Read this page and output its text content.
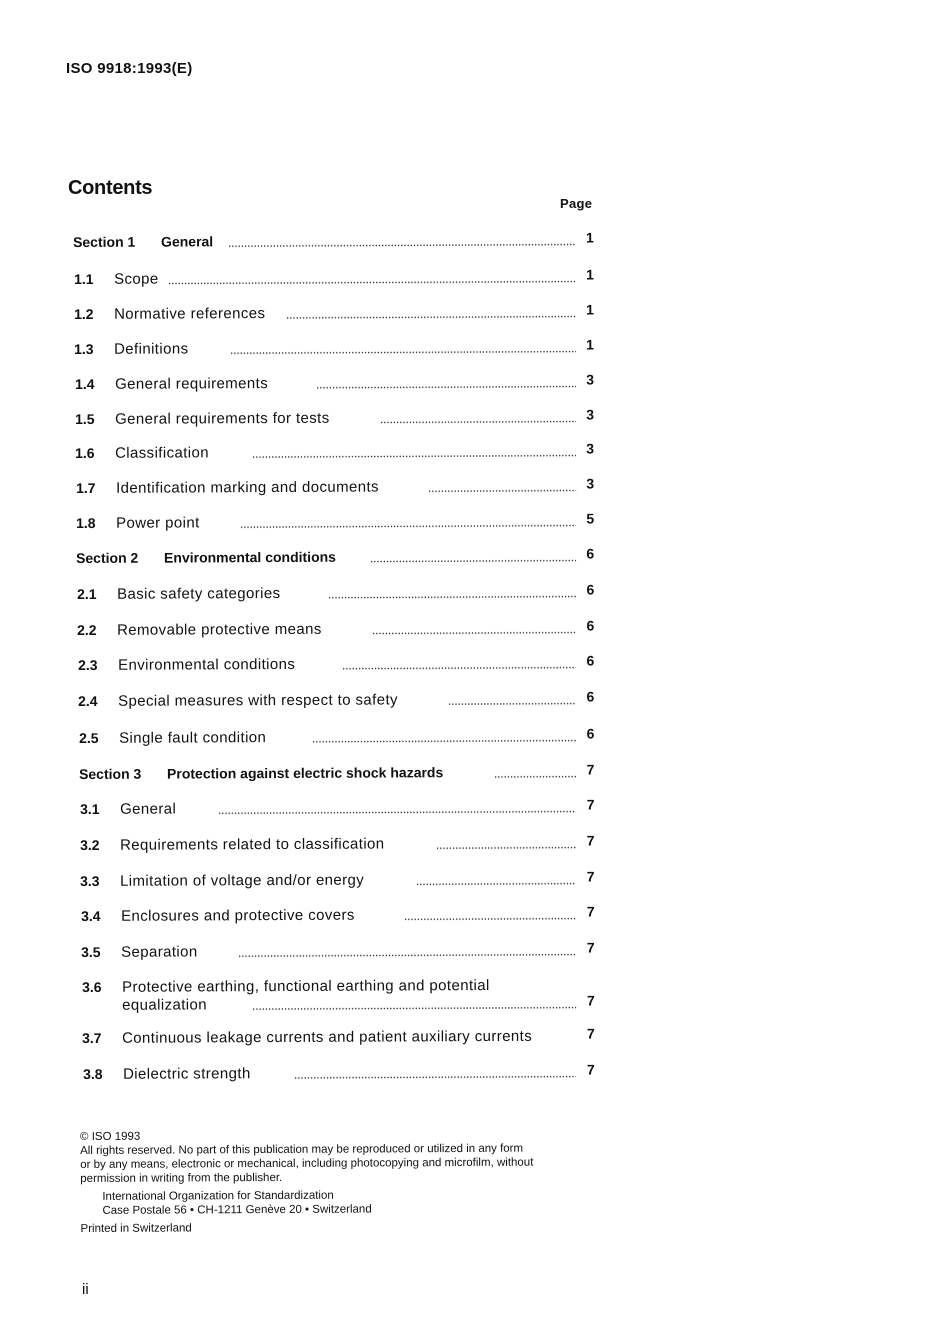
ISO 9918:1993(E)
Contents
Page
Section 1 General	1
1.1 Scope	1
1.2 Normative references	1
1.3 Definitions	1
1.4 General requirements	3
1.5 General requirements for tests	3
1.6 Classification	3
1.7 Identification marking and documents	3
1.8 Power point	5
Section 2 Environmental conditions	6
2.1 Basic safety categories	6
2.2 Removable protective means	6
2.3 Environmental conditions	6
2.4 Special measures with respect to safety	6
2.5 Single fault condition	6
Section 3 Protection against electric shock hazards	7
3.1 General	7
3.2 Requirements related to classification	7
3.3 Limitation of voltage and/or energy	7
3.4 Enclosures and protective covers	7
3.5 Separation	7
3.6 Protective earthing, functional earthing and potential equalization	7
3.7 Continuous leakage currents and patient auxiliary currents	7
3.8 Dielectric strength	7
© ISO 1993
All rights reserved. No part of this publication may be reproduced or utilized in any form
or by any means, electronic or mechanical, including photocopying and microfilm, without
permission in writing from the publisher.
International Organization for Standardization
Case Postale 56 • CH-1211 Genève 20 • Switzerland
Printed in Switzerland
ii
